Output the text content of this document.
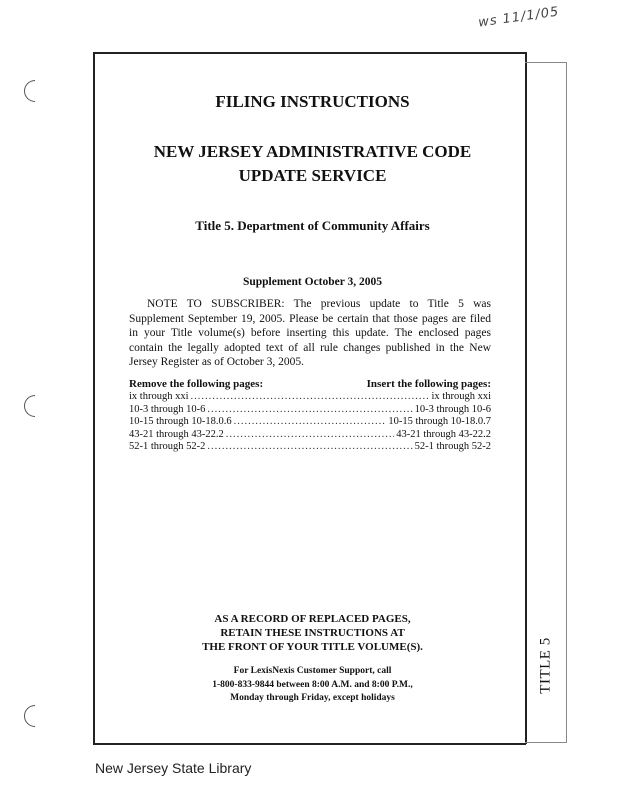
ws 11/1/05
TITLE 5
FILING INSTRUCTIONS
NEW JERSEY ADMINISTRATIVE CODE
UPDATE SERVICE
Title 5. Department of Community Affairs
Supplement October 3, 2005
NOTE TO SUBSCRIBER: The previous update to Title 5 was Supplement September 19, 2005. Please be certain that those pages are filed in your Title volume(s) before inserting this update. The enclosed pages contain the legally adopted text of all rule changes published in the New Jersey Register as of October 3, 2005.
Remove the following pages:	Insert the following pages:
ix through xxi .....	ix through xxi
10-3 through 10-6 .....	10-3 through 10-6
10-15 through 10-18.0.6 .....	10-15 through 10-18.0.7
43-21 through 43-22.2 .....	43-21 through 43-22.2
52-1 through 52-2 .....	52-1 through 52-2
AS A RECORD OF REPLACED PAGES,
RETAIN THESE INSTRUCTIONS AT
THE FRONT OF YOUR TITLE VOLUME(S).
For LexisNexis Customer Support, call
1-800-833-9844 between 8:00 A.M. and 8:00 P.M.,
Monday through Friday, except holidays
New Jersey State Library
